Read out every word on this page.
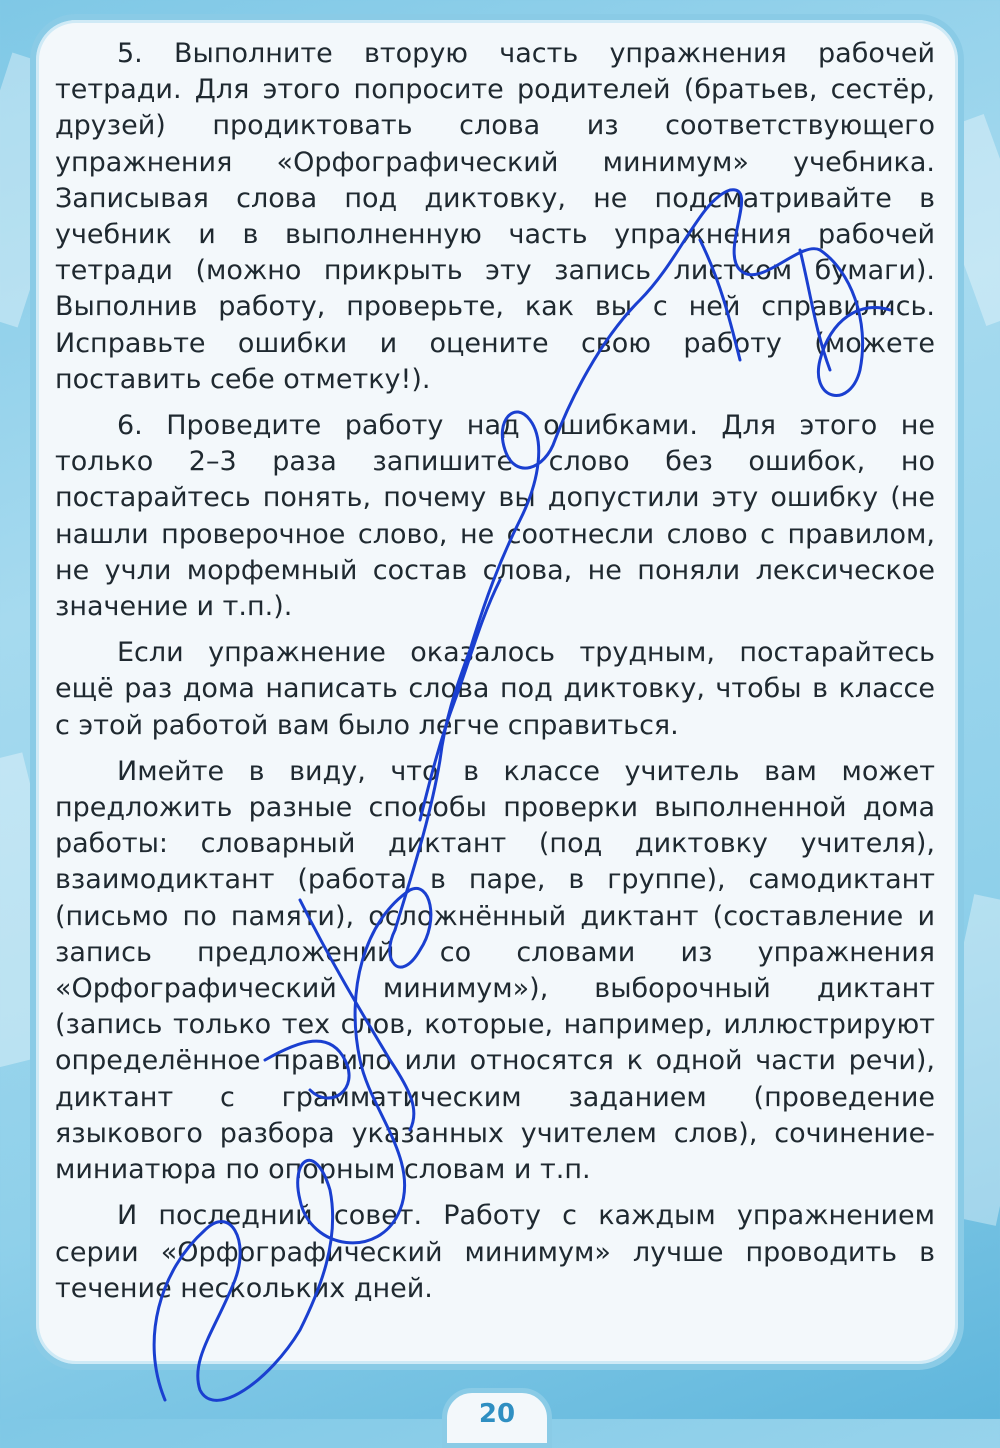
5. Выполните вторую часть упражнения рабочей тетради. Для этого попросите родителей (братьев, сестёр, друзей) продиктовать слова из соответствующего упражнения «Орфографический минимум» учебника. Записывая слова под диктовку, не подсматривайте в учебник и в выполненную часть упражнения рабочей тетради (можно прикрыть эту запись листком бумаги). Выполнив работу, проверьте, как вы с ней справились. Исправьте ошибки и оцените свою работу (можете поставить себе отметку!).

6. Проведите работу над ошибками. Для этого не только 2–3 раза запишите слово без ошибок, но постарайтесь понять, почему вы допустили эту ошибку (не нашли проверочное слово, не соотнесли слово с правилом, не учли морфемный состав слова, не поняли лексическое значение и т.п.).

Если упражнение оказалось трудным, постарайтесь ещё раз дома написать слова под диктовку, чтобы в классе с этой работой вам было легче справиться.

Имейте в виду, что в классе учитель вам может предложить разные способы проверки выполненной дома работы: словарный диктант (под диктовку учителя), взаимодиктант (работа в паре, в группе), самодиктант (письмо по памяти), осложнённый диктант (составление и запись предложений со словами из упражнения «Орфографический минимум»), выборочный диктант (запись только тех слов, которые, например, иллюстрируют определённое правило или относятся к одной части речи), диктант с грамматическим заданием (проведение языкового разбора указанных учителем слов), сочинение-миниатюра по опорным словам и т.п.

И последний совет. Работу с каждым упражнением серии «Орфографический минимум» лучше проводить в течение нескольких дней.

20
